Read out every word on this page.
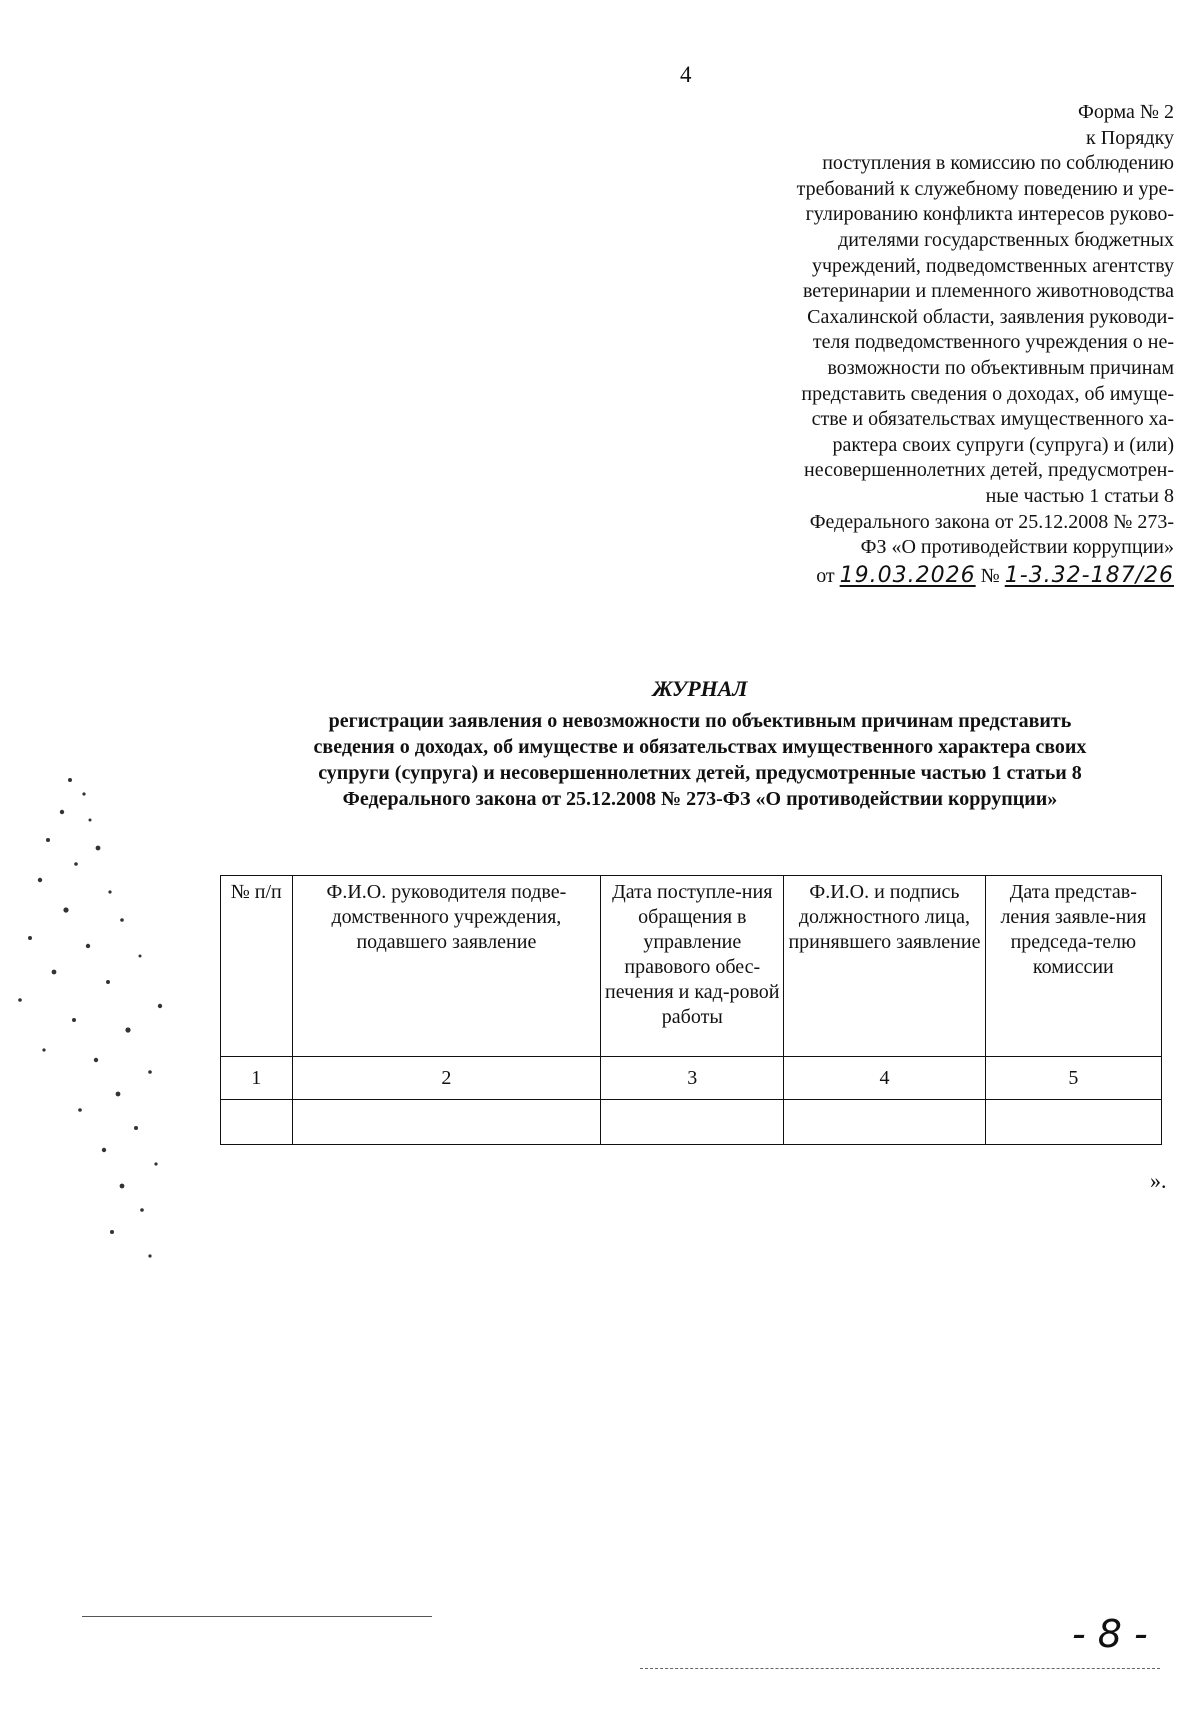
4
Форма № 2
к Порядку
поступления в комиссию по соблюдению
требований к служебному поведению и уре-
гулированию конфликта интересов руково-
дителями государственных бюджетных
учреждений, подведомственных агентству
ветеринарии и племенного животноводства
Сахалинской области, заявления руководи-
теля подведомственного учреждения о не-
возможности по объективным причинам
представить сведения о доходах, об имуще-
стве и обязательствах имущественного ха-
рактера своих супруги (супруга) и (или)
несовершеннолетних детей, предусмотрен-
ные частью 1 статьи 8
Федерального закона от 25.12.2008 № 273-
ФЗ «О противодействии коррупции»
от 19.03.2026 № 1-3.32-187/26
ЖУРНАЛ
регистрации заявления о невозможности по объективным причинам представить
сведения о доходах, об имуществе и обязательствах имущественного характера своих
супруги (супруга) и несовершеннолетних детей, предусмотренные частью 1 статьи 8
Федерального закона от 25.12.2008 № 273-ФЗ «О противодействии коррупции»
№ п/п	Ф.И.О. руководителя подве-домственного учреждения, подавшего заявление	Дата поступле-ния обращения в управление правового обес-печения и кад-ровой работы	Ф.И.О. и подпись должностного лица, принявшего заявление	Дата представ-ления заявле-ния председа-телю комиссии
1	2	3	4	5

».
- 8 -
